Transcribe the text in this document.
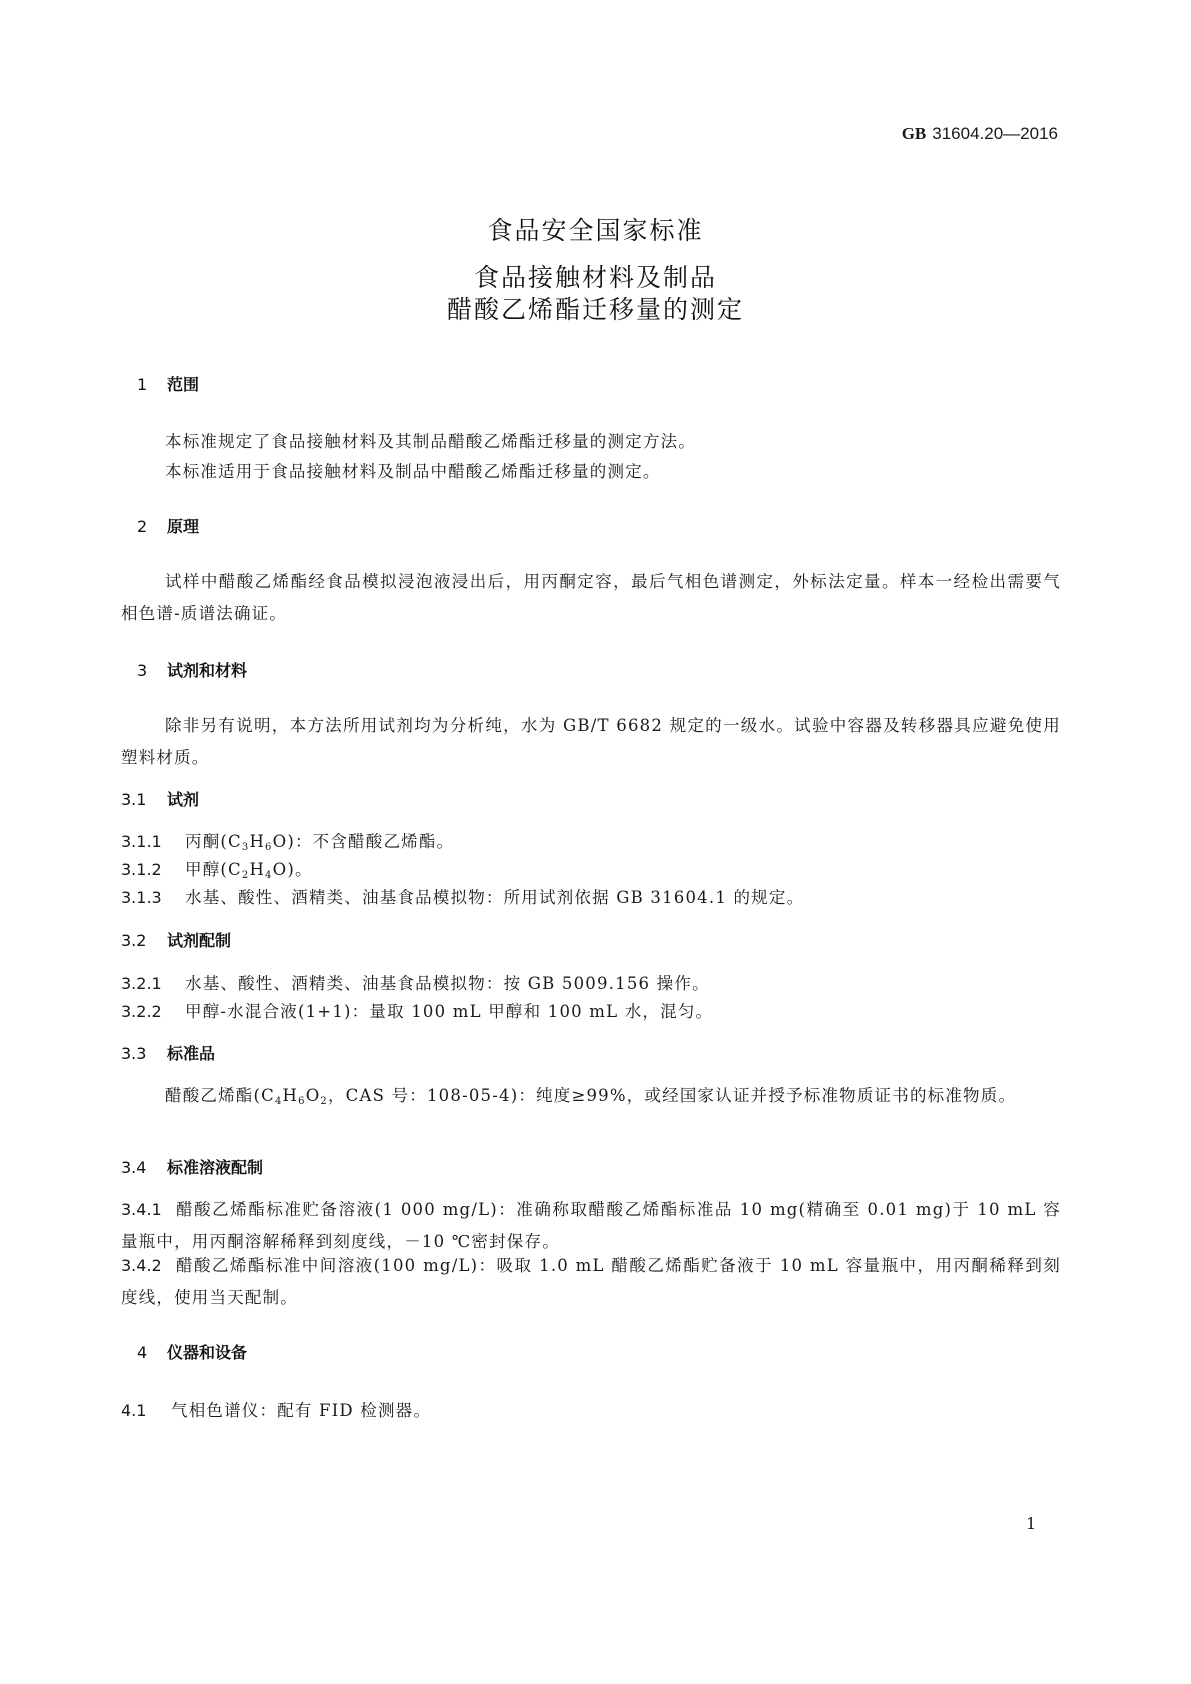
GB 31604.20—2016
食品安全国家标准
食品接触材料及制品
醋酸乙烯酯迁移量的测定
1 范围
本标准规定了食品接触材料及其制品醋酸乙烯酯迁移量的测定方法。
本标准适用于食品接触材料及制品中醋酸乙烯酯迁移量的测定。
2 原理
试样中醋酸乙烯酯经食品模拟浸泡液浸出后，用丙酮定容，最后气相色谱测定，外标法定量。样本一经检出需要气相色谱-质谱法确证。
3 试剂和材料
除非另有说明，本方法所用试剂均为分析纯，水为 GB/T 6682 规定的一级水。试验中容器及转移器具应避免使用塑料材质。
3.1 试剂
3.1.1 丙酮$(C_3H_6O)$：不含醋酸乙烯酯。
3.1.2 甲醇$(C_2H_4O)$。
3.1.3 水基、酸性、酒精类、油基食品模拟物：所用试剂依据 GB 31604.1 的规定。
3.2 试剂配制
3.2.1 水基、酸性、酒精类、油基食品模拟物：按 GB 5009.156 操作。
3.2.2 甲醇-水混合液(1+1)：量取 100 mL 甲醇和 100 mL 水，混匀。
3.3 标准品
醋酸乙烯酯($C_4H_6O_2$，CAS 号：108-05-4)：纯度≥99%，或经国家认证并授予标准物质证书的标准物质。
3.4 标准溶液配制
3.4.1 醋酸乙烯酯标准贮备溶液(1 000 mg/L)：准确称取醋酸乙烯酯标准品 10 mg(精确至 0.01 mg)于 10 mL 容量瓶中，用丙酮溶解稀释到刻度线，－10 ℃密封保存。
3.4.2 醋酸乙烯酯标准中间溶液(100 mg/L)：吸取 1.0 mL 醋酸乙烯酯贮备液于 10 mL 容量瓶中，用丙酮稀释到刻度线，使用当天配制。
4 仪器和设备
4.1 气相色谱仪：配有 FID 检测器。
1
